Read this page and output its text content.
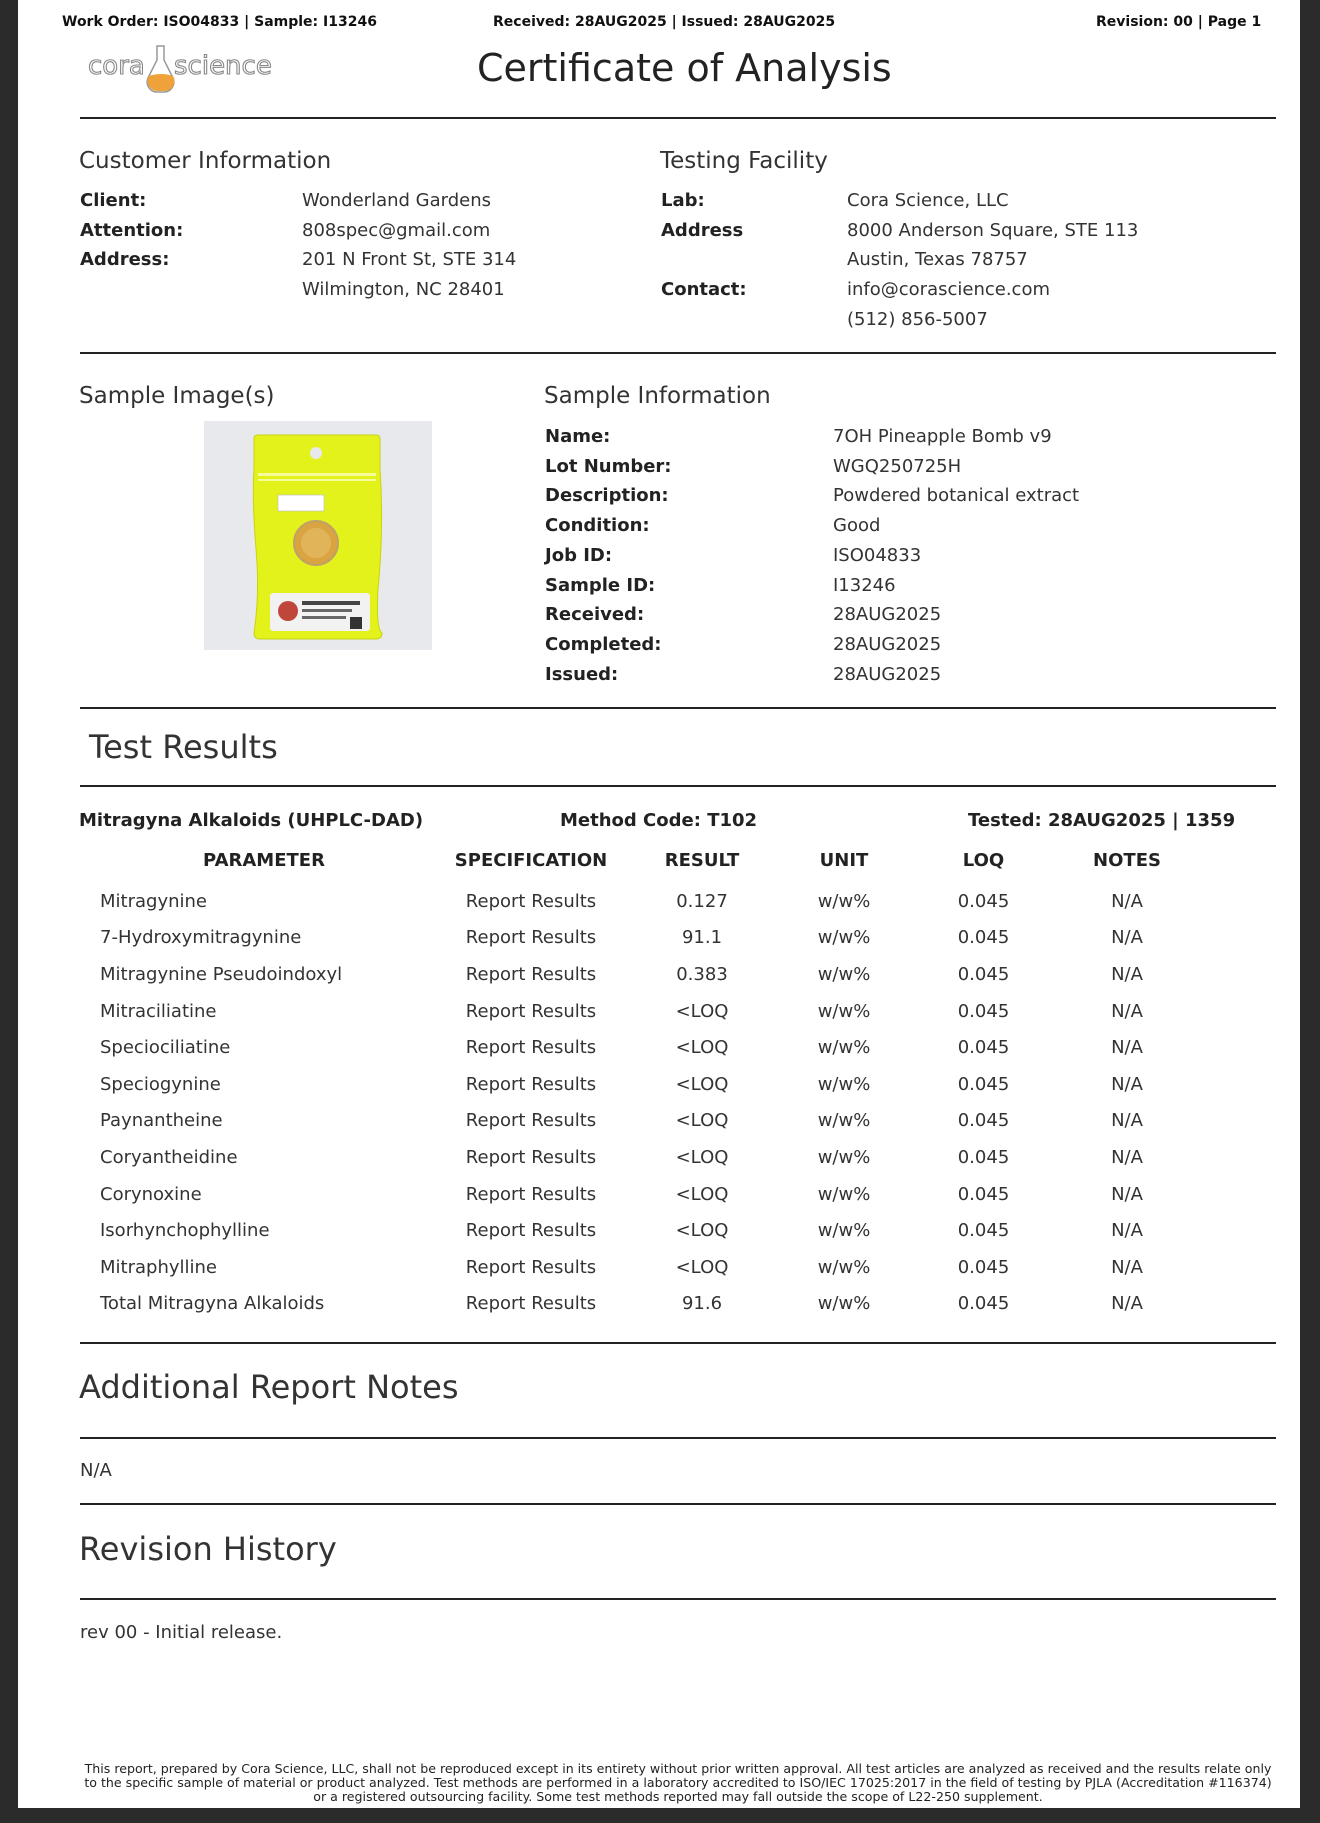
Work Order: ISO04833 | Sample: I13246	Received: 28AUG2025 | Issued: 28AUG2025	Revision: 00 | Page 1
cora science	Certificate of Analysis
Customer Information
Client:	Wonderland Gardens
Attention:	808spec@gmail.com
Address:	201 N Front St, STE 314
Wilmington, NC 28401
Testing Facility
Lab:	Cora Science, LLC
Address	8000 Anderson Square, STE 113
Austin, Texas 78757
Contact:	info@corascience.com
(512) 856-5007
Sample Image(s)	Sample Information
Name:	7OH Pineapple Bomb v9
Lot Number:	WGQ250725H
Description:	Powdered botanical extract
Condition:	Good
Job ID:	ISO04833
Sample ID:	I13246
Received:	28AUG2025
Completed:	28AUG2025
Issued:	28AUG2025
Test Results
Mitragyna Alkaloids (UHPLC-DAD)	Method Code: T102	Tested: 28AUG2025 | 1359
PARAMETER	SPECIFICATION	RESULT	UNIT	LOQ	NOTES
Mitragynine	Report Results	0.127	w/w%	0.045	N/A
7-Hydroxymitragynine	Report Results	91.1	w/w%	0.045	N/A
Mitragynine Pseudoindoxyl	Report Results	0.383	w/w%	0.045	N/A
Mitraciliatine	Report Results	<LOQ	w/w%	0.045	N/A
Speciociliatine	Report Results	<LOQ	w/w%	0.045	N/A
Speciogynine	Report Results	<LOQ	w/w%	0.045	N/A
Paynantheine	Report Results	<LOQ	w/w%	0.045	N/A
Coryantheidine	Report Results	<LOQ	w/w%	0.045	N/A
Corynoxine	Report Results	<LOQ	w/w%	0.045	N/A
Isorhynchophylline	Report Results	<LOQ	w/w%	0.045	N/A
Mitraphylline	Report Results	<LOQ	w/w%	0.045	N/A
Total Mitragyna Alkaloids	Report Results	91.6	w/w%	0.045	N/A
Additional Report Notes
N/A
Revision History
rev 00 - Initial release.
This report, prepared by Cora Science, LLC, shall not be reproduced except in its entirety without prior written approval. All test articles are analyzed as received and the results relate only
to the specific sample of material or product analyzed. Test methods are performed in a laboratory accredited to ISO/IEC 17025:2017 in the field of testing by PJLA (Accreditation #116374)
or a registered outsourcing facility. Some test methods reported may fall outside the scope of L22-250 supplement.
